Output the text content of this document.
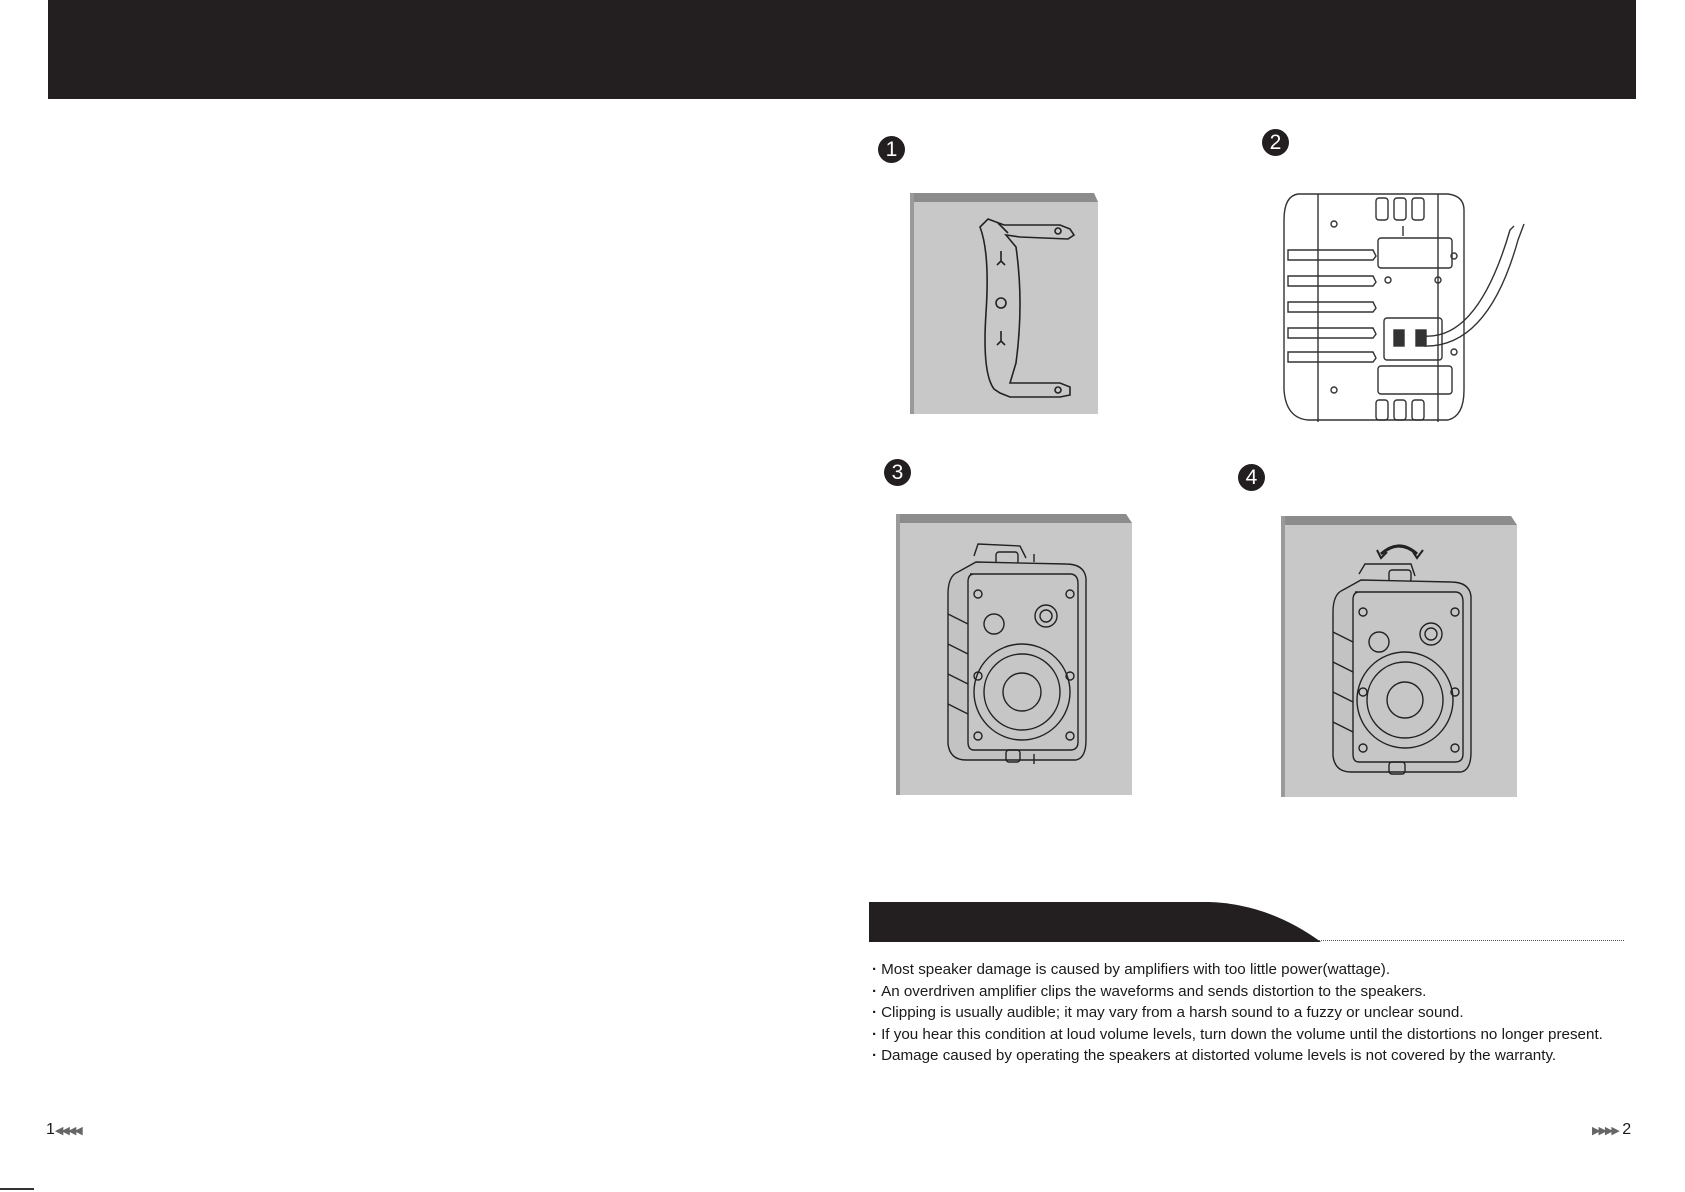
1	2
3	4
· Most speaker damage is caused by amplifiers with too little power(wattage).
· An overdriven amplifier clips the waveforms and sends distortion to the speakers.
· Clipping is usually audible; it may vary from a harsh sound to a fuzzy or unclear sound.
· If you hear this condition at loud volume levels, turn down the volume until the distortions no longer present.
· Damage caused by operating the speakers at distorted volume levels is not covered by the warranty.
1◀◀◀◀	▶▶▶▶ 2
